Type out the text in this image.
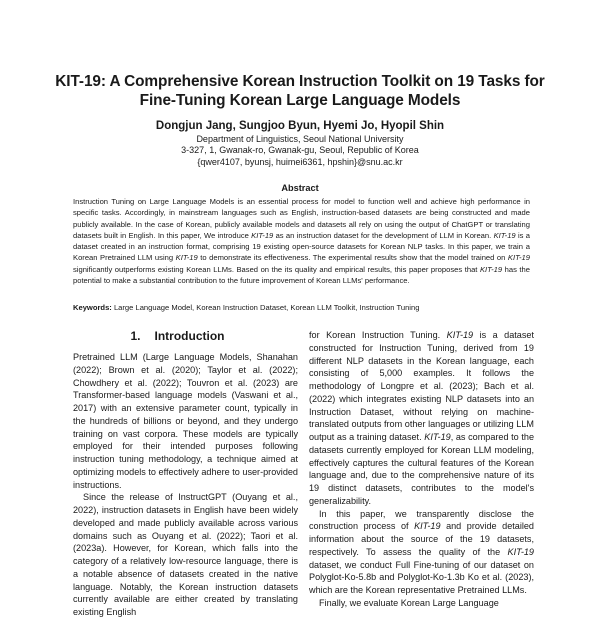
KIT-19: A Comprehensive Korean Instruction Toolkit on 19 Tasks for
Fine-Tuning Korean Large Language Models
Dongjun Jang, Sungjoo Byun, Hyemi Jo, Hyopil Shin
Department of Linguistics, Seoul National University
3-327, 1, Gwanak-ro, Gwanak-gu, Seoul, Republic of Korea
{qwer4107, byunsj, huimei6361, hpshin}@snu.ac.kr
Abstract
Instruction Tuning on Large Language Models is an essential process for model to function well and achieve high performance in specific tasks. Accordingly, in mainstream languages such as English, instruction-based datasets are being constructed and made publicly available. In the case of Korean, publicly available models and datasets all rely on using the output of ChatGPT or translating datasets built in English. In this paper, We introduce KIT-19 as an instruction dataset for the development of LLM in Korean. KIT-19 is a dataset created in an instruction format, comprising 19 existing open-source datasets for Korean NLP tasks. In this paper, we train a Korean Pretrained LLM using KIT-19 to demonstrate its effectiveness. The experimental results show that the model trained on KIT-19 significantly outperforms existing Korean LLMs. Based on the its quality and empirical results, this paper proposes that KIT-19 has the potential to make a substantial contribution to the future improvement of Korean LLMs' performance.
Keywords: Large Language Model, Korean Instruction Dataset, Korean LLM Toolkit, Instruction Tuning
1. Introduction

Pretrained LLM (Large Language Models, Shanahan (2022); Brown et al. (2020); Taylor et al. (2022); Chowdhery et al. (2022); Touvron et al. (2023) are Transformer-based language models (Vaswani et al., 2017) with an extensive parameter count, typically in the hundreds of billions or beyond, and they undergo training on vast corpora. These models are typically employed for their intended purposes following instruction tuning methodology, a technique aimed at optimizing models to effectively adhere to user-provided instructions.

Since the release of InstructGPT (Ouyang et al., 2022), instruction datasets in English have been widely developed and made publicly available across various domains such as Ouyang et al. (2022); Taori et al. (2023a). However, for Korean, which falls into the category of a relatively low-resource language, there is a notable absence of datasets created in the native language. Notably, the Korean instruction datasets currently available are either created by translating existing English

for Korean Instruction Tuning. KIT-19 is a dataset constructed for Instruction Tuning, derived from 19 different NLP datasets in the Korean language, each consisting of 5,000 examples. It follows the methodology of Longpre et al. (2023); Bach et al. (2022) which integrates existing NLP datasets into an Instruction Dataset, without relying on machine-translated outputs from other languages or utilizing LLM output as a training dataset. KIT-19, as compared to the datasets currently employed for Korean LLM modeling, effectively captures the cultural features of the Korean language and, due to the comprehensive nature of its 19 distinct datasets, contributes to the model's generalizability.

In this paper, we transparently disclose the construction process of KIT-19 and provide detailed information about the source of the 19 datasets, respectively. To assess the quality of the KIT-19 dataset, we conduct Full Fine-tuning of our dataset on Polyglot-Ko-5.8b and Polyglot-Ko-1.3b Ko et al. (2023), which are the Korean representative Pretrained LLMs.

Finally, we evaluate Korean Large Language
